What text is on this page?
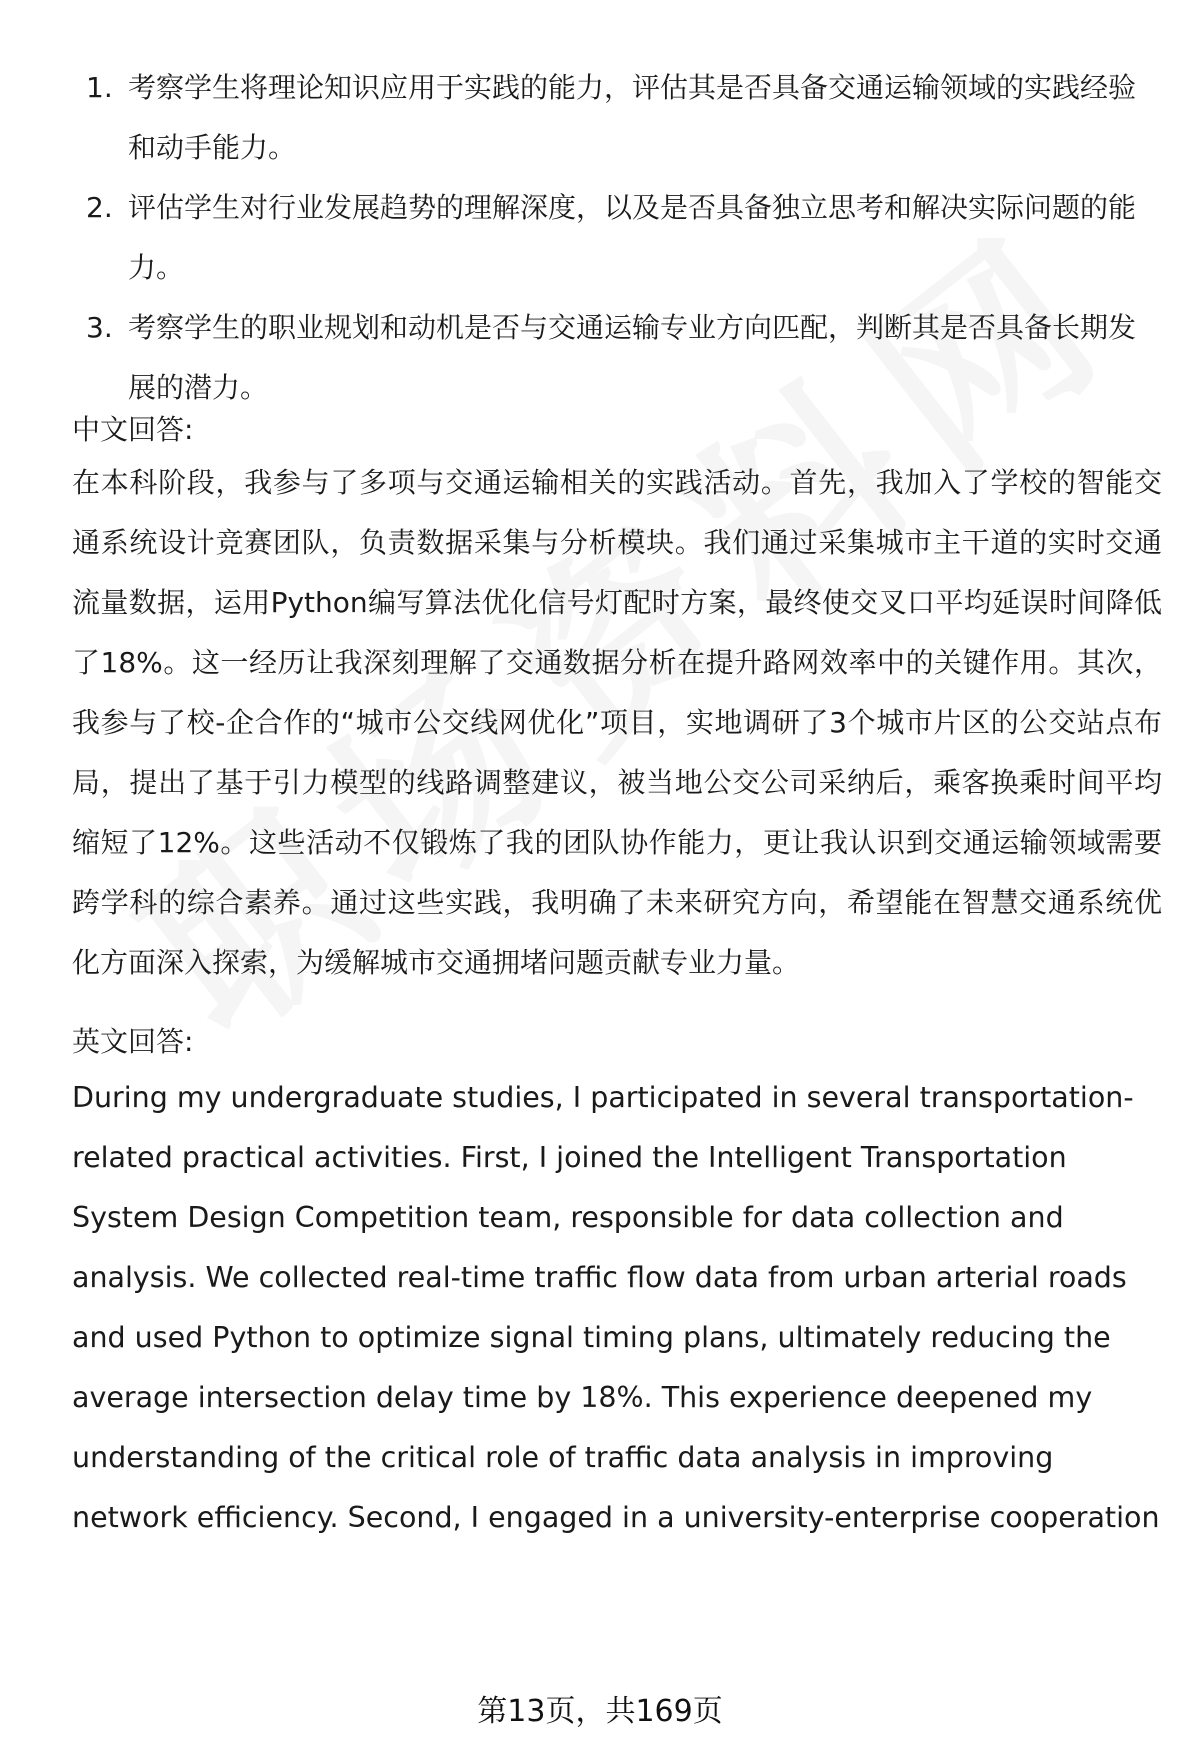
1. 考察学生将理论知识应用于实践的能力，评估其是否具备交通运输领域的实践经验和动手能力。
2. 评估学生对行业发展趋势的理解深度，以及是否具备独立思考和解决实际问题的能力。
3. 考察学生的职业规划和动机是否与交通运输专业方向匹配，判断其是否具备长期发展的潜力。
中文回答:
在本科阶段，我参与了多项与交通运输相关的实践活动。首先，我加入了学校的智能交通系统设计竞赛团队，负责数据采集与分析模块。我们通过采集城市主干道的实时交通流量数据，运用Python编写算法优化信号灯配时方案，最终使交叉口平均延误时间降低了18%。这一经历让我深刻理解了交通数据分析在提升路网效率中的关键作用。其次，我参与了校-企合作的“城市公交线网优化”项目，实地调研了3个城市片区的公交站点布局，提出了基于引力模型的线路调整建议，被当地公交公司采纳后，乘客换乘时间平均缩短了12%。这些活动不仅锻炼了我的团队协作能力，更让我认识到交通运输领域需要跨学科的综合素养。通过这些实践，我明确了未来研究方向，希望能在智慧交通系统优化方面深入探索，为缓解城市交通拥堵问题贡献专业力量。
英文回答:
During my undergraduate studies, I participated in several transportation-related practical activities. First, I joined the Intelligent Transportation System Design Competition team, responsible for data collection and analysis. We collected real-time traffic flow data from urban arterial roads and used Python to optimize signal timing plans, ultimately reducing the average intersection delay time by 18%. This experience deepened my understanding of the critical role of traffic data analysis in improving network efficiency. Second, I engaged in a university-enterprise cooperation
第13页，共169页
